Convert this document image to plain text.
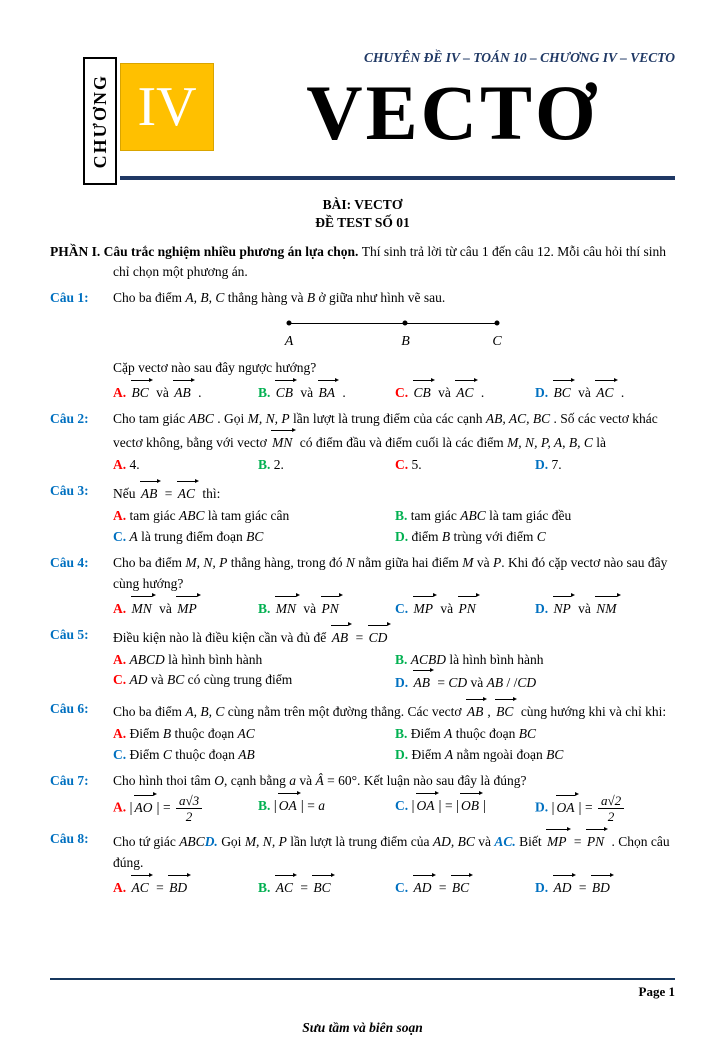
CHUYÊN ĐỀ IV – TOÁN 10 – CHƯƠNG IV – VECTO
CHƯƠNG IV	VECTƠ
BÀI: VECTƠ
ĐỀ TEST SỐ 01
PHẦN I. Câu trắc nghiệm nhiều phương án lựa chọn. Thí sinh trả lời từ câu 1 đến câu 12. Mỗi câu hỏi thí sinh chỉ chọn một phương án.
Câu 1: Cho ba điểm A, B, C thẳng hàng và B ở giữa như hình vẽ sau.
A	B	C
Cặp vectơ nào sau đây ngược hướng?
A. BC và AB .	B. CB và BA .	C. CB và AC .	D. BC và AC .
Câu 2: Cho tam giác ABC . Gọi M, N, P lần lượt là trung điểm của các cạnh AB, AC, BC . Số các vectơ khác vectơ không, bằng với vectơ MN có điểm đầu và điểm cuối là các điểm M, N, P, A, B, C là
A. 4.	B. 2.	C. 5.	D. 7.
Câu 3: Nếu AB = AC thì:
A. tam giác ABC là tam giác cân	B. tam giác ABC là tam giác đều
C. A là trung điểm đoạn BC	D. điểm B trùng với điểm C
Câu 4: Cho ba điểm M, N, P thẳng hàng, trong đó N nằm giữa hai điểm M và P. Khi đó cặp vectơ nào sau đây cùng hướng?
A. MN và MP	B. MN và PN	C. MP và PN	D. NP và NM
Câu 5: Điều kiện nào là điều kiện cần và đủ để AB = CD
A. ABCD là hình bình hành	B. ACBD là hình bình hành
C. AD và BC có cùng trung điểm	D. AB = CD và AB / /CD
Câu 6: Cho ba điểm A, B, C cùng nằm trên một đường thẳng. Các vectơ AB , BC cùng hướng khi và chỉ khi:
A. Điểm B thuộc đoạn AC	B. Điểm A thuộc đoạn BC
C. Điểm C thuộc đoạn AB	D. Điểm A nằm ngoài đoạn BC
Câu 7: Cho hình thoi tâm O, cạnh bằng a và Â = 60°. Kết luận nào sau đây là đúng?
A. | AO | = $\frac{a√3}{2}$	B. | OA | = a	C. | OA | = | OB |	D. | OA | = $\frac{a√2}{2}$
Câu 8: Cho tứ giác ABCD. Gọi M, N, P lần lượt là trung điểm của AD, BC và AC. Biết MP = PN . Chọn câu đúng.
A. AC = BD	B. AC = BC	C. AD = BC	D. AD = BD
Page 1
Sưu tầm và biên soạn
